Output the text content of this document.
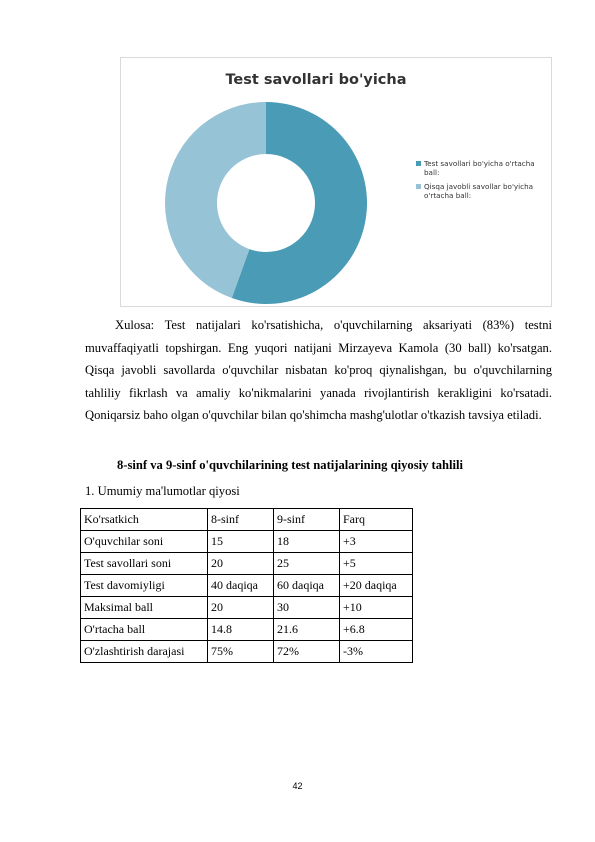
Test savollari bo'yicha
Test savollari bo'yicha o'rtacha ball:
Qisqa javobli savollar bo'yicha o'rtacha ball:
Xulosa: Test natijalari ko'rsatishicha, o'quvchilarning aksariyati (83%) testni muvaffaqiyatli topshirgan. Eng yuqori natijani Mirzayeva Kamola (30 ball) ko'rsatgan. Qisqa javobli savollarda o'quvchilar nisbatan ko'proq qiynalishgan, bu o'quvchilarning tahliliy fikrlash va amaliy ko'nikmalarini yanada rivojlantirish kerakligini ko'rsatadi. Qoniqarsiz baho olgan o'quvchilar bilan qo'shimcha mashg'ulotlar o'tkazish tavsiya etiladi.
8-sinf va 9-sinf o'quvchilarining test natijalarining qiyosiy tahlili
1. Umumiy ma'lumotlar qiyosi
Ko'rsatkich	8-sinf	9-sinf	Farq
O'quvchilar soni	15	18	+3
Test savollari soni	20	25	+5
Test davomiyligi	40 daqiqa	60 daqiqa	+20 daqiqa
Maksimal ball	20	30	+10
O'rtacha ball	14.8	21.6	+6.8
O'zlashtirish darajasi	75%	72%	-3%
42
